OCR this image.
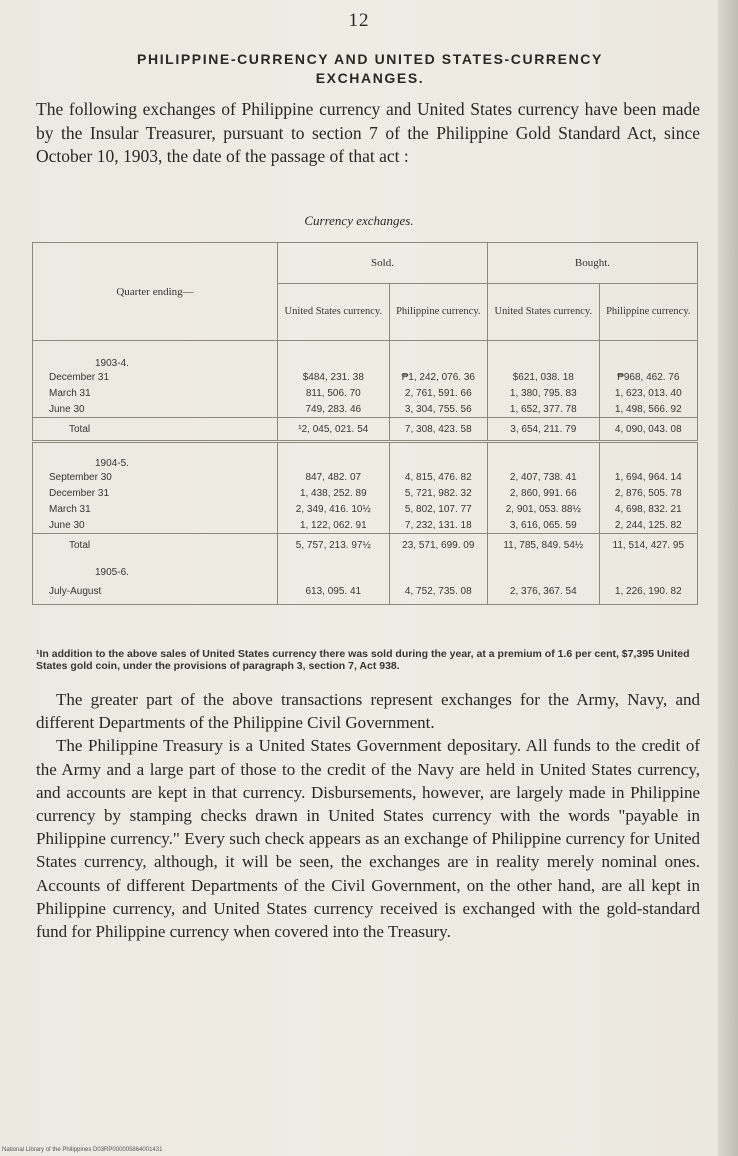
12
PHILIPPINE-CURRENCY AND UNITED STATES-CURRENCY
EXCHANGES.
The following exchanges of Philippine currency and United States currency have been made by the Insular Treasurer, pursuant to section 7 of the Philippine Gold Standard Act, since October 10, 1903, the date of the passage of that act :
Currency exchanges.
Quarter ending—	Sold.		Bought.	
	United States currency.	Philippine currency.	United States currency.	Philippine currency.

1903-4.				
December 31	$484, 231. 38	₱1, 242, 076. 36	$621, 038. 18	₱968, 462. 76
March 31	811, 506. 70	2, 761, 591. 66	1, 380, 795. 83	1, 623, 013. 40
June 30	749, 283. 46	3, 304, 755. 56	1, 652, 377. 78	1, 498, 566. 92
Total	¹2, 045, 021. 54	7, 308, 423. 58	3, 654, 211. 79	4, 090, 043. 08

1904-5.				
September 30	847, 482. 07	4, 815, 476. 82	2, 407, 738. 41	1, 694, 964. 14
December 31	1, 438, 252. 89	5, 721, 982. 32	2, 860, 991. 66	2, 876, 505. 78
March 31	2, 349, 416. 10½	5, 802, 107. 77	2, 901, 053. 88½	4, 698, 832. 21
June 30	1, 122, 062. 91	7, 232, 131. 18	3, 616, 065. 59	2, 244, 125. 82
Total	5, 757, 213. 97½	23, 571, 699. 09	11, 785, 849. 54½	11, 514, 427. 95
1905-6.				
July-August	613, 095. 41	4, 752, 735. 08	2, 376, 367. 54	1, 226, 190. 82
¹In addition to the above sales of United States currency there was sold during the year, at a premium of 1.6 per cent, $7,395 United States gold coin, under the provisions of paragraph 3, section 7, Act 938.

The greater part of the above transactions represent exchanges for the Army, Navy, and different Departments of the Philippine Civil Government.

The Philippine Treasury is a United States Government depositary. All funds to the credit of the Army and a large part of those to the credit of the Navy are held in United States currency, and accounts are kept in that currency. Disbursements, however, are largely made in Philippine currency by stamping checks drawn in United States currency with the words "payable in Philippine currency." Every such check appears as an exchange of Philippine currency for United States currency, although, it will be seen, the exchanges are in reality merely nominal ones. Accounts of different Departments of the Civil Government, on the other hand, are all kept in Philippine currency, and United States currency received is exchanged with the gold-standard fund for Philippine currency when covered into the Treasury.

National Library of the Philippines D03RP000005864001431
